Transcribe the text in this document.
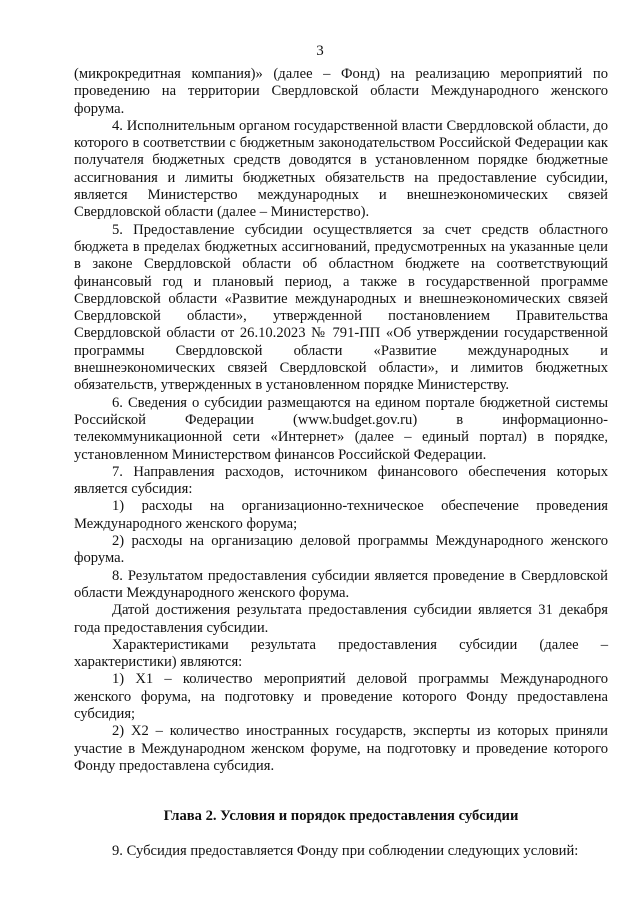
3

(микрокредитная компания)» (далее – Фонд) на реализацию мероприятий по проведению на территории Свердловской области Международного женского форума.

4. Исполнительным органом государственной власти Свердловской области, до которого в соответствии с бюджетным законодательством Российской Федерации как получателя бюджетных средств доводятся в установленном порядке бюджетные ассигнования и лимиты бюджетных обязательств на предоставление субсидии, является Министерство международных и внешнеэкономических связей Свердловской области (далее – Министерство).

5. Предоставление субсидии осуществляется за счет средств областного бюджета в пределах бюджетных ассигнований, предусмотренных на указанные цели в законе Свердловской области об областном бюджете на соответствующий финансовый год и плановый период, а также в государственной программе Свердловской области «Развитие международных и внешнеэкономических связей Свердловской области», утвержденной постановлением Правительства Свердловской области от 26.10.2023 № 791-ПП «Об утверждении государственной программы Свердловской области «Развитие международных и внешнеэкономических связей Свердловской области», и лимитов бюджетных обязательств, утвержденных в установленном порядке Министерству.

6. Сведения о субсидии размещаются на едином портале бюджетной системы Российской Федерации (www.budget.gov.ru) в информационно-телекоммуникационной сети «Интернет» (далее – единый портал) в порядке, установленном Министерством финансов Российской Федерации.

7. Направления расходов, источником финансового обеспечения которых является субсидия:

1) расходы на организационно-техническое обеспечение проведения Международного женского форума;

2) расходы на организацию деловой программы Международного женского форума.

8. Результатом предоставления субсидии является проведение в Свердловской области Международного женского форума.

Датой достижения результата предоставления субсидии является 31 декабря года предоставления субсидии.

Характеристиками результата предоставления субсидии (далее – характеристики) являются:

1) X1 – количество мероприятий деловой программы Международного женского форума, на подготовку и проведение которого Фонду предоставлена субсидия;

2) X2 – количество иностранных государств, эксперты из которых приняли участие в Международном женском форуме, на подготовку и проведение которого Фонду предоставлена субсидия.

Глава 2. Условия и порядок предоставления субсидии

9. Субсидия предоставляется Фонду при соблюдении следующих условий:
